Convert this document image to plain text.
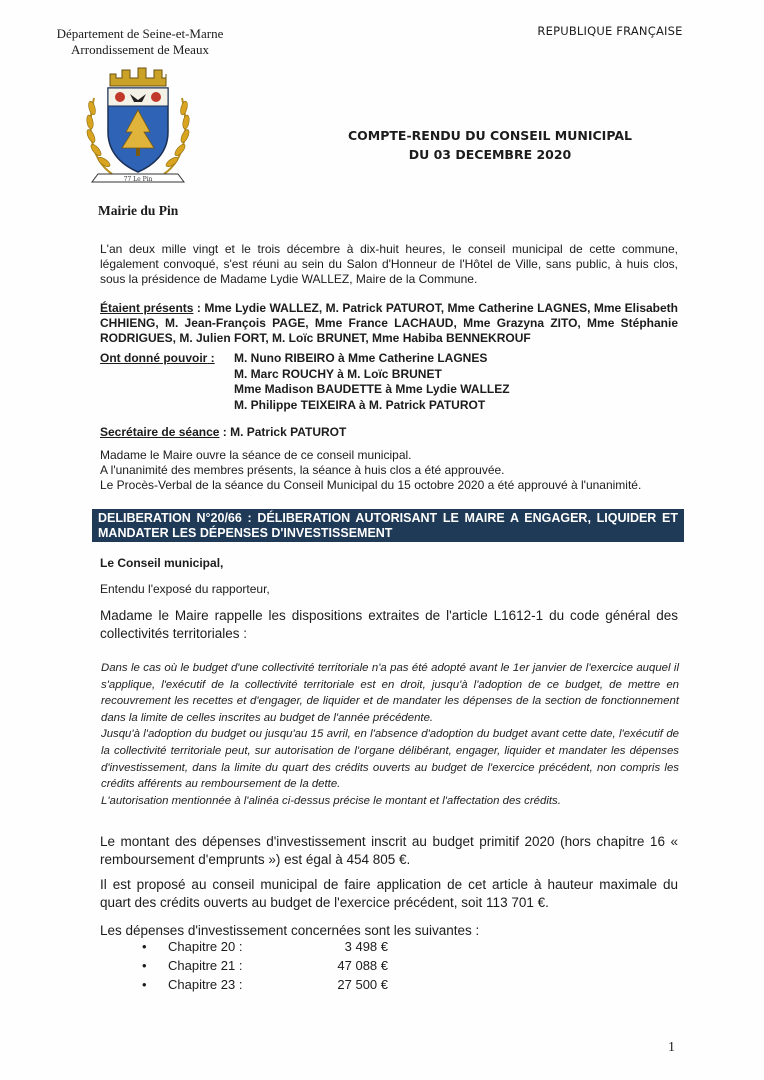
Département de Seine-et-Marne
Arrondissement de Meaux
REPUBLIQUE FRANÇAISE
77 Le Pin
COMPTE-RENDU DU CONSEIL MUNICIPAL
DU 03 DECEMBRE 2020
Mairie du Pin
L'an deux mille vingt et le trois décembre à dix-huit heures, le conseil municipal de cette commune, légalement convoqué, s'est réuni au sein du Salon d'Honneur de l'Hôtel de Ville, sans public, à huis clos, sous la présidence de Madame Lydie WALLEZ, Maire de la Commune.
Étaient présents : Mme Lydie WALLEZ, M. Patrick PATUROT, Mme Catherine LAGNES, Mme Elisabeth CHHIENG, M. Jean-François PAGE, Mme France LACHAUD, Mme Grazyna ZITO, Mme Stéphanie RODRIGUES, M. Julien FORT, M. Loïc BRUNET, Mme Habiba BENNEKROUF
Ont donné pouvoir : M. Nuno RIBEIRO à Mme Catherine LAGNES
M. Marc ROUCHY à M. Loïc BRUNET
Mme Madison BAUDETTE à Mme Lydie WALLEZ
M. Philippe TEIXEIRA à M. Patrick PATUROT
Secrétaire de séance : M. Patrick PATUROT
Madame le Maire ouvre la séance de ce conseil municipal.
A l'unanimité des membres présents, la séance à huis clos a été approuvée.
Le Procès-Verbal de la séance du Conseil Municipal du 15 octobre 2020 a été approuvé à l'unanimité.
DELIBERATION N°20/66 : DÉLIBERATION AUTORISANT LE MAIRE A ENGAGER, LIQUIDER ET MANDATER LES DÉPENSES D'INVESTISSEMENT
Le Conseil municipal,
Entendu l'exposé du rapporteur,
Madame le Maire rappelle les dispositions extraites de l'article L1612-1 du code général des collectivités territoriales :

Dans le cas où le budget d'une collectivité territoriale n'a pas été adopté avant le 1er janvier de l'exercice auquel il s'applique, l'exécutif de la collectivité territoriale est en droit, jusqu'à l'adoption de ce budget, de mettre en recouvrement les recettes et d'engager, de liquider et de mandater les dépenses de la section de fonctionnement dans la limite de celles inscrites au budget de l'année précédente.

Jusqu'à l'adoption du budget ou jusqu'au 15 avril, en l'absence d'adoption du budget avant cette date, l'exécutif de la collectivité territoriale peut, sur autorisation de l'organe délibérant, engager, liquider et mandater les dépenses d'investissement, dans la limite du quart des crédits ouverts au budget de l'exercice précédent, non compris les crédits afférents au remboursement de la dette.

L'autorisation mentionnée à l'alinéa ci-dessus précise le montant et l'affectation des crédits.

Le montant des dépenses d'investissement inscrit au budget primitif 2020 (hors chapitre 16 « remboursement d'emprunts ») est égal à 454 805 €.
Il est proposé au conseil municipal de faire application de cet article à hauteur maximale du quart des crédits ouverts au budget de l'exercice précédent, soit 113 701 €.
Les dépenses d'investissement concernées sont les suivantes :
• Chapitre 20 :	3 498 €
• Chapitre 21 :	47 088 €
• Chapitre 23 :	27 500 €
1
